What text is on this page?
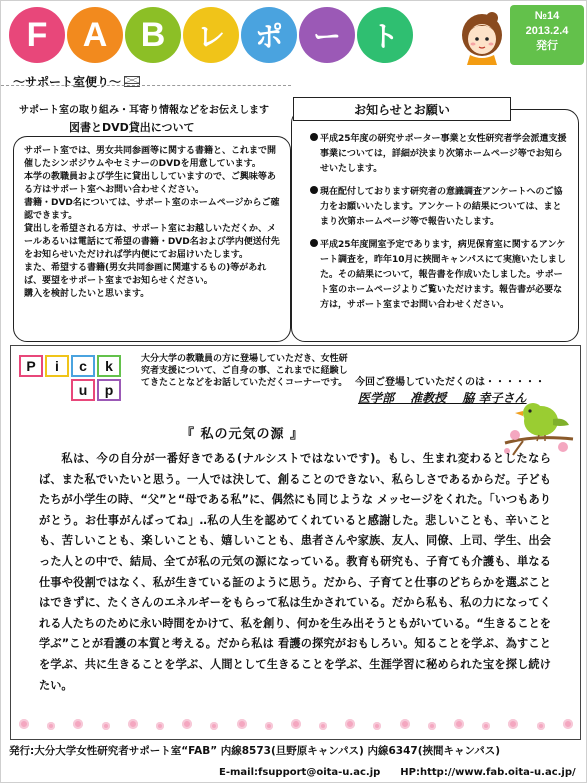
F	A B	レ	ポ	ー	ト
№14
2013.2.4
発行
～サポート室便り～
サポート室の取り組み・耳寄り情報などをお伝えします
図書とDVD貸出について

サポート室では、男女共同参画等に関する書籍と、これまで開催したシンポジウムやセミナーのDVDを用意しています。

本学の教職員および学生に貸出ししていますので、ご興味等ある方はサポート室へお問い合わせください。

書籍・DVD名については、サポート室のホームページからご確認できます。

貸出しを希望される方は、サポート室にお越しいただくか、メールあるいは電話にて希望の書籍・DVD名および学内便送付先をお知らせいただければ学内便にてお届けいたします。

また、希望する書籍(男女共同参画に関連するもの)等があれば、要望をサポート室までお知らせください。

購入を検討したいと思います。

お知らせとお願い
平成25年度の研究サポーター事業と女性研究者学会派遣支援事業については，詳細が決まり次第ホームページ等でお知らせいたします。
現在配付しております研究者の意識調査アンケートへのご協力をお願いいたします。アンケートの結果については、まとまり次第ホームページ等で報告いたします。
平成25年度開室予定であります，病児保育室に関するアンケート調査を，昨年10月に挾間キャンパスにて実施いたしました。その結果について，報告書を作成いたしました。サポート室のホームページよりご覧いただけます。報告書が必要な方は，サポート室までお問い合わせください。
P	i	c	k
u	p
大分大学の教職員の方に登場していただき、女性研究者支援について、ご自身の事、これまでに経験してきたことなどをお話していただくコーナーです。 今回ご登場していただくのは・・・・・・
医学部　 准教授　 脇 幸子さん
『 私の元気の源 』
私は、今の自分が一番好きである(ナルシストではないです)。もし、生まれ変わるとしたならば、また私でいたいと思う。一人では決して、創ることのできない、私らしさであるからだ。子どもたちが小学生の時、“父”と“母である私”に、偶然にも同じような メッセージをくれた。「いつもありがとう。お仕事がんばってね」‥私の人生を認めてくれていると感謝した。悲しいことも、辛いことも、苦しいことも、楽しいことも、嬉しいことも、患者さんや家族、友人、同僚、上司、学生、出会った人との中で、結局、全てが私の元気の源になっている。教育も研究も、子育ても介護も、単なる仕事や役割ではなく、私が生きている証のように思う。だから、子育てと仕事のどちらかを選ぶことはできずに、たくさんのエネルギーをもらって私は生かされている。だから私も、私の力になってくれる人たちのために永い時間をかけて、私を創り、何かを生み出そうともがいている。“生きることを学ぶ”ことが看護の本質と考える。だから私は 看護の探究がおもしろい。知ることを学ぶ、為すことを学ぶ、共に生きることを学ぶ、人間として生きることを学ぶ、生涯学習に秘められた宝を探し続けたい。
発行:大分大学女性研究者サポート室“FAB” 内線8573(旦野原キャンパス) 内線6347(挾間キャンパス)
E-mail:fsupport@oita-u.ac.jp　　HP:http://www.fab.oita-u.ac.jp/
